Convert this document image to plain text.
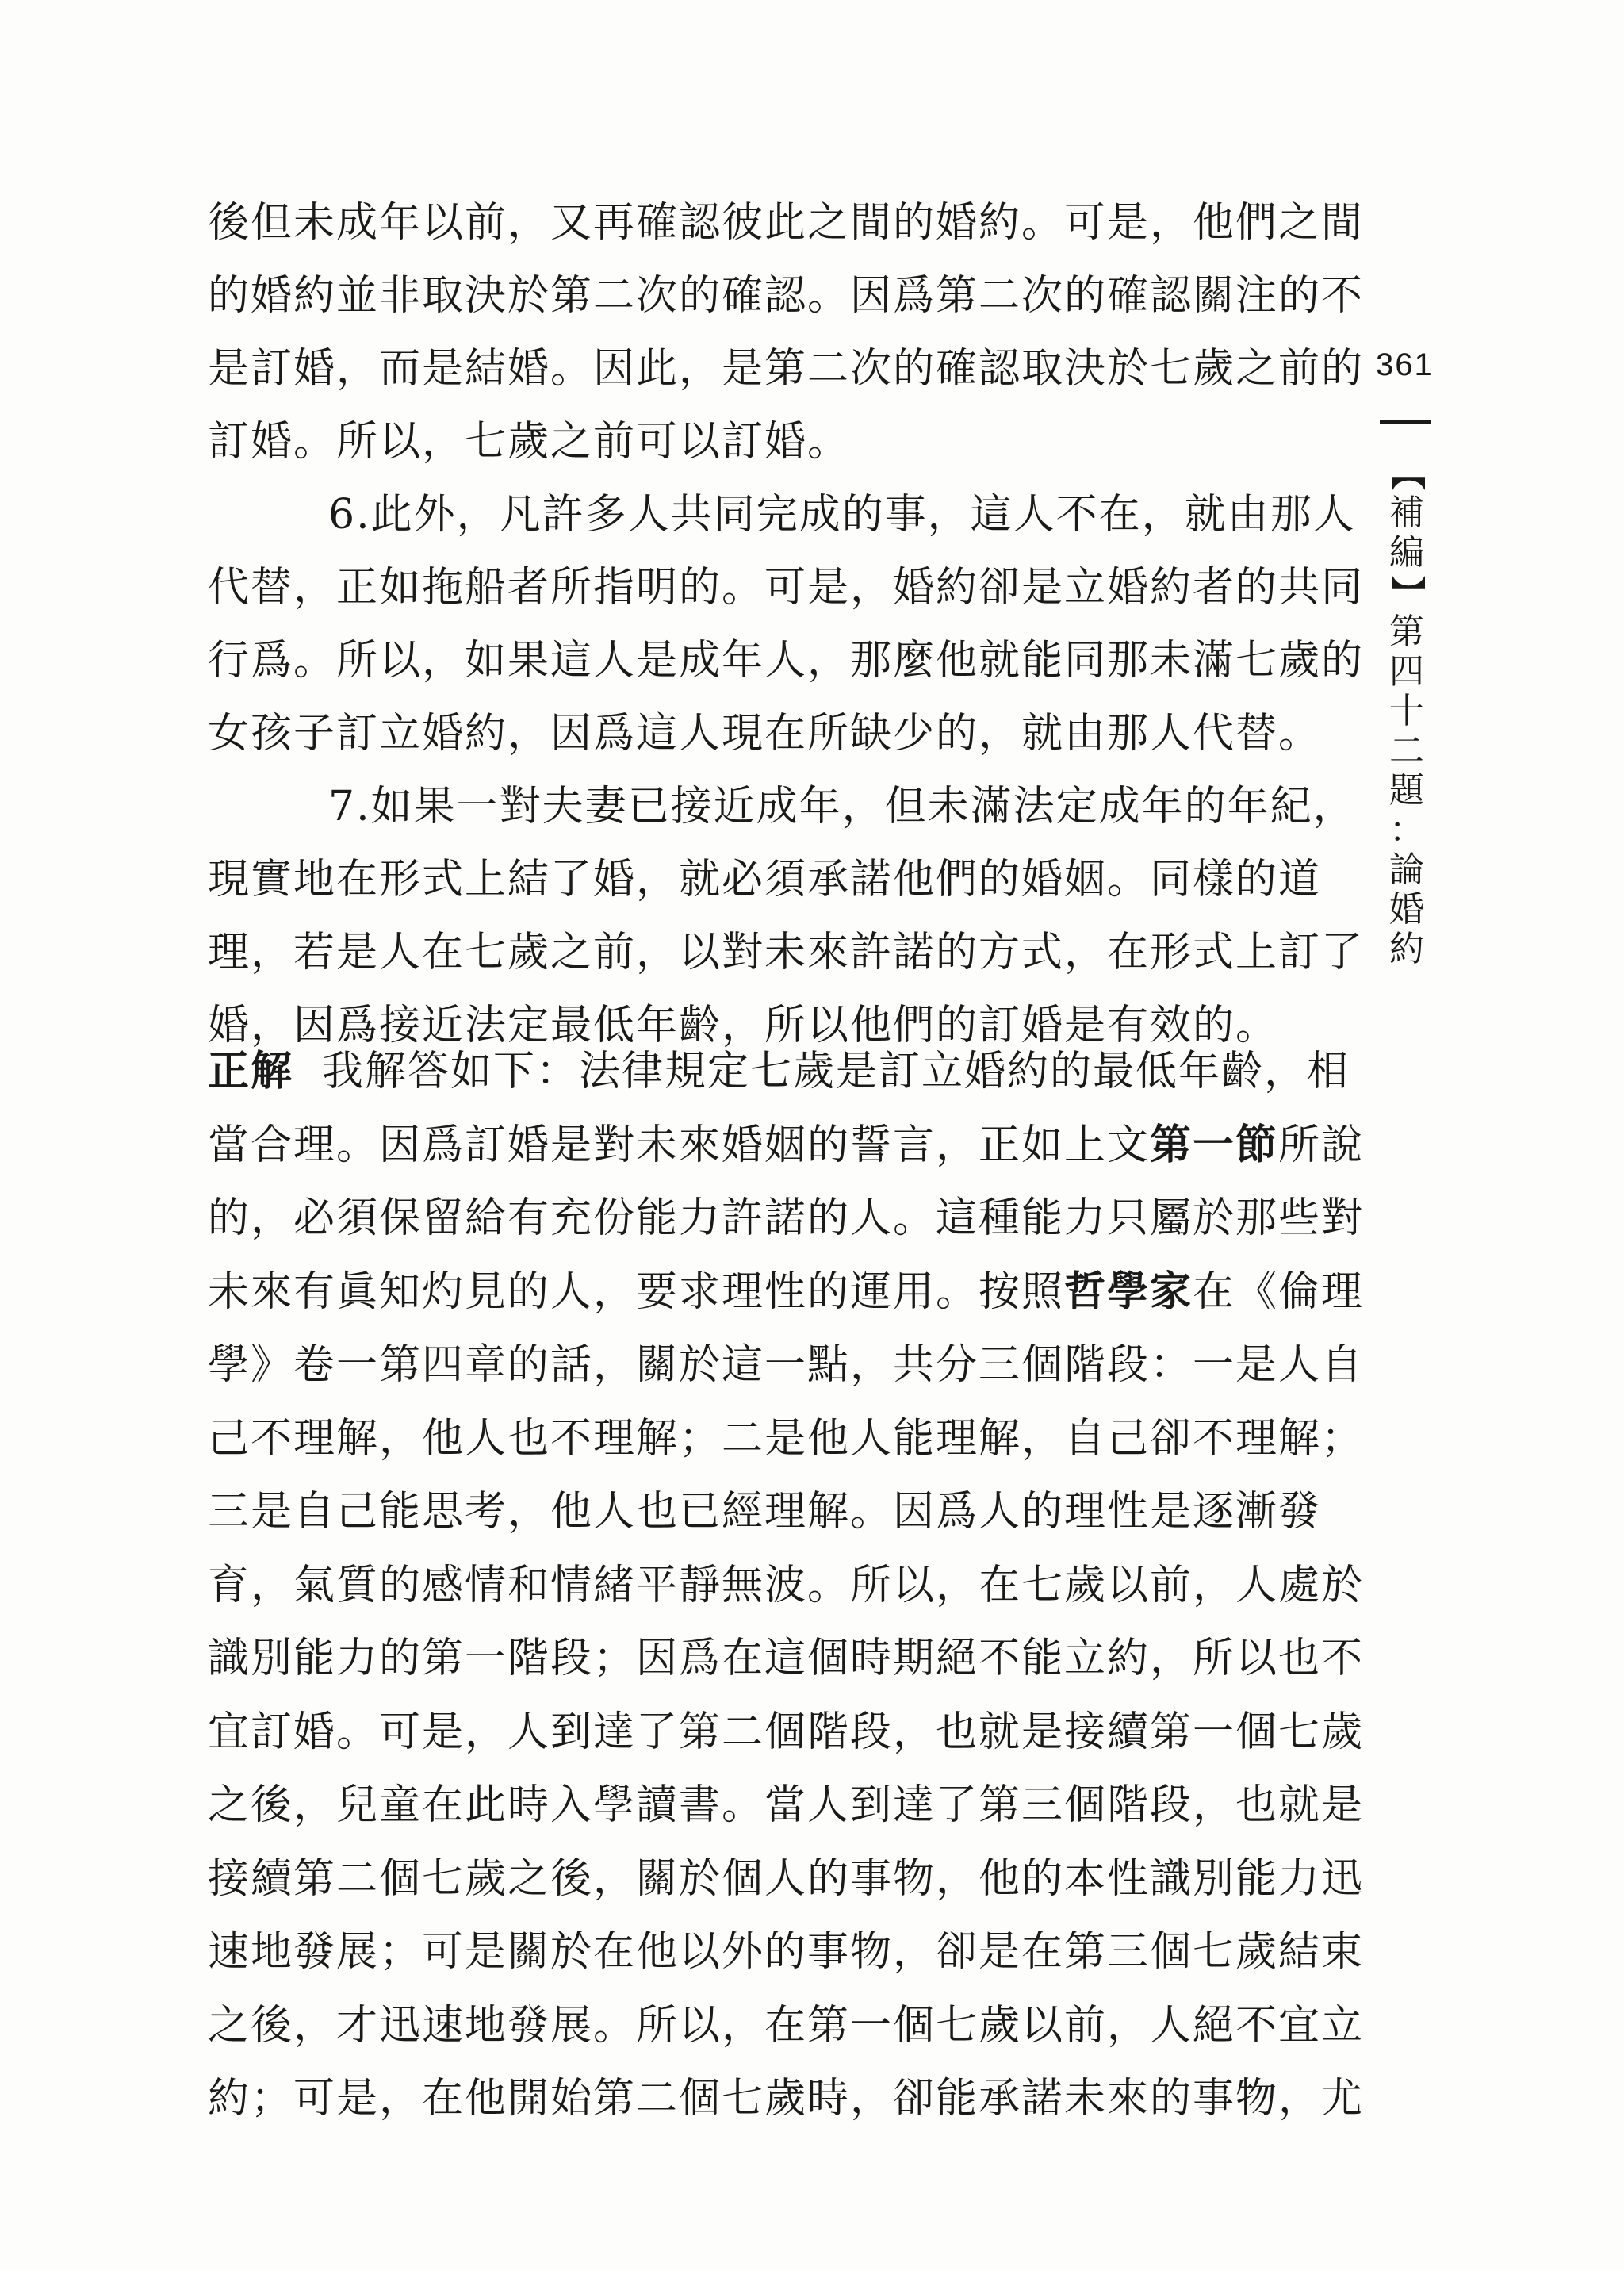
後但未成年以前，又再確認彼此之間的婚約。可是，他們之間
的婚約並非取決於第二次的確認。因爲第二次的確認關注的不
是訂婚，而是結婚。因此，是第二次的確認取決於七歲之前的
訂婚。所以，七歲之前可以訂婚。
6.此外，凡許多人共同完成的事，這人不在，就由那人
代替，正如拖船者所指明的。可是，婚約卻是立婚約者的共同
行爲。所以，如果這人是成年人，那麼他就能同那未滿七歲的
女孩子訂立婚約，因爲這人現在所缺少的，就由那人代替。
7.如果一對夫妻已接近成年，但未滿法定成年的年紀，
現實地在形式上結了婚，就必須承諾他們的婚姻。同樣的道
理，若是人在七歲之前，以對未來許諾的方式，在形式上訂了
婚，因爲接近法定最低年齡，所以他們的訂婚是有效的。
正解 我解答如下：法律規定七歲是訂立婚約的最低年齡，相
當合理。因爲訂婚是對未來婚姻的誓言，正如上文第一節所說
的，必須保留給有充份能力許諾的人。這種能力只屬於那些對
未來有眞知灼見的人，要求理性的運用。按照哲學家在《倫理
學》卷一第四章的話，關於這一點，共分三個階段：一是人自
己不理解，他人也不理解；二是他人能理解，自己卻不理解；
三是自己能思考，他人也已經理解。因爲人的理性是逐漸發
育，氣質的感情和情緒平靜無波。所以，在七歲以前，人處於
識別能力的第一階段；因爲在這個時期絕不能立約，所以也不
宜訂婚。可是，人到達了第二個階段，也就是接續第一個七歲
之後，兒童在此時入學讀書。當人到達了第三個階段，也就是
接續第二個七歲之後，關於個人的事物，他的本性識別能力迅
速地發展；可是關於在他以外的事物，卻是在第三個七歲結束
之後，才迅速地發展。所以，在第一個七歲以前，人絕不宜立
約；可是，在他開始第二個七歲時，卻能承諾未來的事物，尤
361
【
補
編
】
第
四
十
二
題
：
論
婚
約
